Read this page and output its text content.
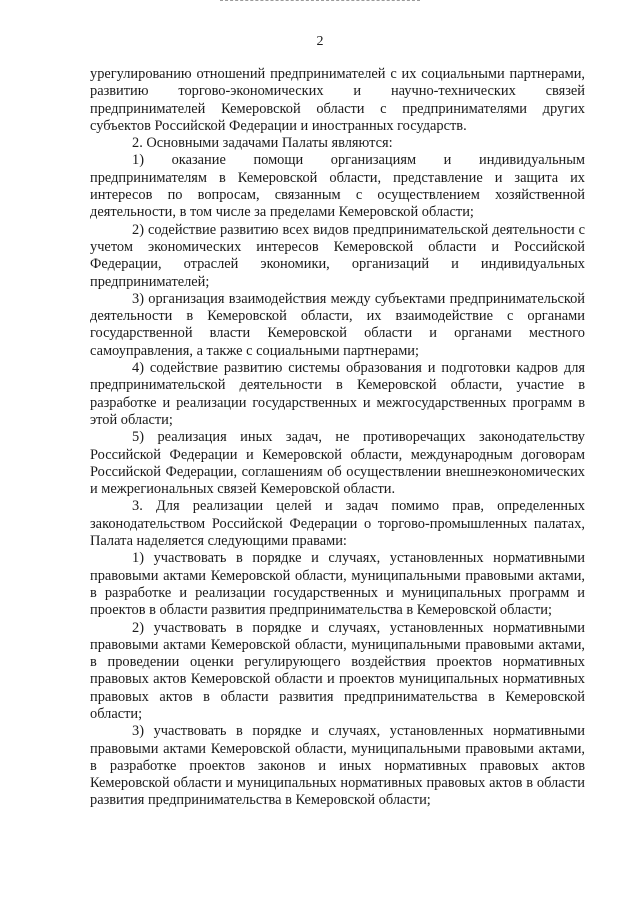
2

урегулированию отношений предпринимателей с их социальными партнерами, развитию торгово-экономических и научно-технических связей предпринимателей Кемеровской области с предпринимателями других субъектов Российской Федерации и иностранных государств.

2. Основными задачами Палаты являются:

1) оказание помощи организациям и индивидуальным предпринимателям в Кемеровской области, представление и защита их интересов по вопросам, связанным с осуществлением хозяйственной деятельности, в том числе за пределами Кемеровской области;

2) содействие развитию всех видов предпринимательской деятельности с учетом экономических интересов Кемеровской области и Российской Федерации, отраслей экономики, организаций и индивидуальных предпринимателей;

3) организация взаимодействия между субъектами предпринимательской деятельности в Кемеровской области, их взаимодействие с органами государственной власти Кемеровской области и органами местного самоуправления, а также с социальными партнерами;

4) содействие развитию системы образования и подготовки кадров для предпринимательской деятельности в Кемеровской области, участие в разработке и реализации государственных и межгосударственных программ в этой области;

5) реализация иных задач, не противоречащих законодательству Российской Федерации и Кемеровской области, международным договорам Российской Федерации, соглашениям об осуществлении внешнеэкономических и межрегиональных связей Кемеровской области.

3. Для реализации целей и задач помимо прав, определенных законодательством Российской Федерации о торгово-промышленных палатах, Палата наделяется следующими правами:

1) участвовать в порядке и случаях, установленных нормативными правовыми актами Кемеровской области, муниципальными правовыми актами, в разработке и реализации государственных и муниципальных программ и проектов в области развития предпринимательства в Кемеровской области;

2) участвовать в порядке и случаях, установленных нормативными правовыми актами Кемеровской области, муниципальными правовыми актами, в проведении оценки регулирующего воздействия проектов нормативных правовых актов Кемеровской области и проектов муниципальных нормативных правовых актов в области развития предпринимательства в Кемеровской области;

3) участвовать в порядке и случаях, установленных нормативными правовыми актами Кемеровской области, муниципальными правовыми актами, в разработке проектов законов и иных нормативных правовых актов Кемеровской области и муниципальных нормативных правовых актов в области развития предпринимательства в Кемеровской области;
